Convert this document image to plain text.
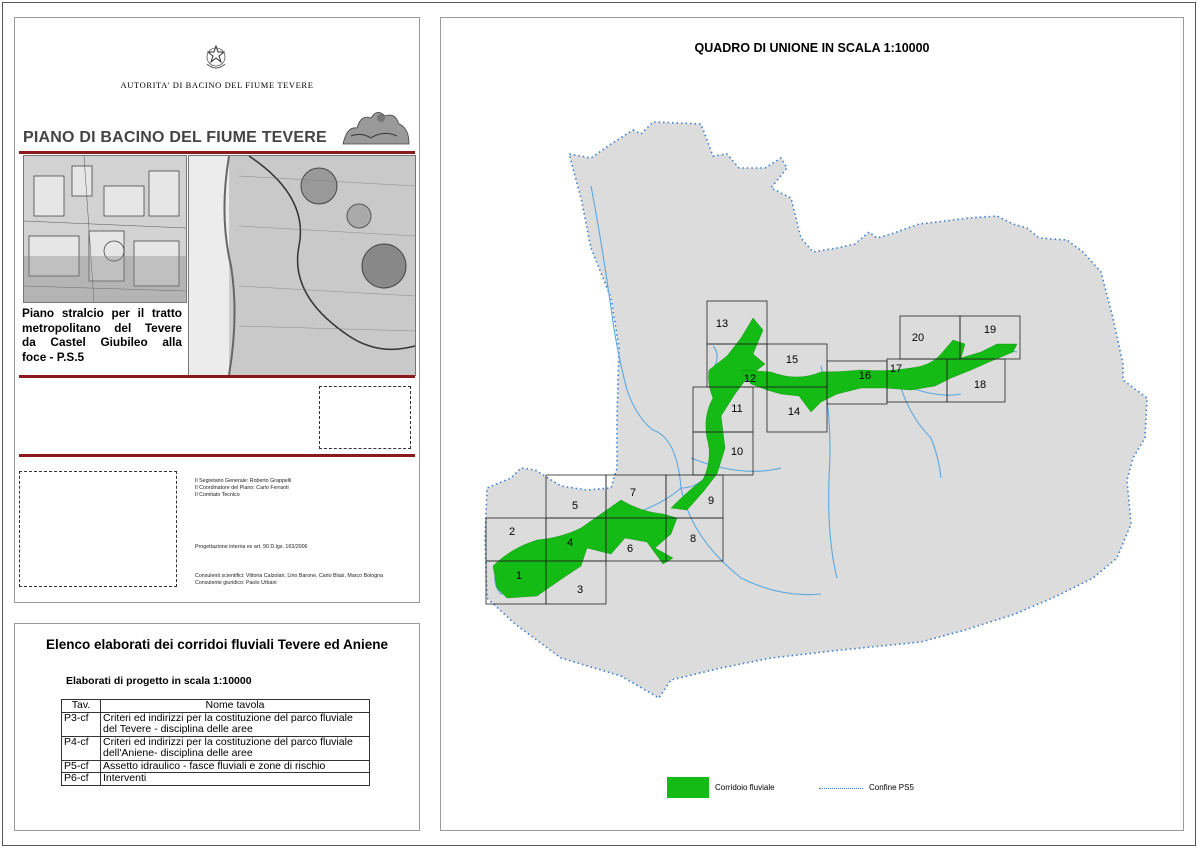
AUTORITA' DI BACINO DEL FIUME TEVERE
PIANO DI BACINO DEL FIUME TEVERE
Piano stralcio per il tratto
metropolitano del Tevere
da Castel Giubileo alla
foce - P.S.5
Il Segretario Generale: Roberto Grappelli
Il Coordinatore del Piano: Carlo Ferranti
Il Comitato Tecnico
Progettazione interna ex art. 90 D.lgs. 163/2006
Consulenti scientifici: Vittoria Calzolari, Lino Barone, Carlo Blasi, Marco Bologna
Consulente giuridico: Paolo Urbani
Elenco elaborati dei corridoi fluviali Tevere ed Aniene
Elaborati di progetto in scala 1:10000
Tav.	Nome tavola
P3-cf	Criteri ed indirizzi per la costituzione del parco fluviale del Tevere - disciplina delle aree
P4-cf	Criteri ed indirizzi per la costituzione del parco fluviale dell'Aniene- disciplina delle aree
P5-cf	Assetto idraulico - fasce fluviali e zone di rischio
P6-cf	Interventi
QUADRO DI UNIONE IN SCALA 1:10000
1
2
3
4
5
6
7
8
9
10
11
12
13
14
15
16
17
18
19
20
Corridoio fluviale	Confine PS5
